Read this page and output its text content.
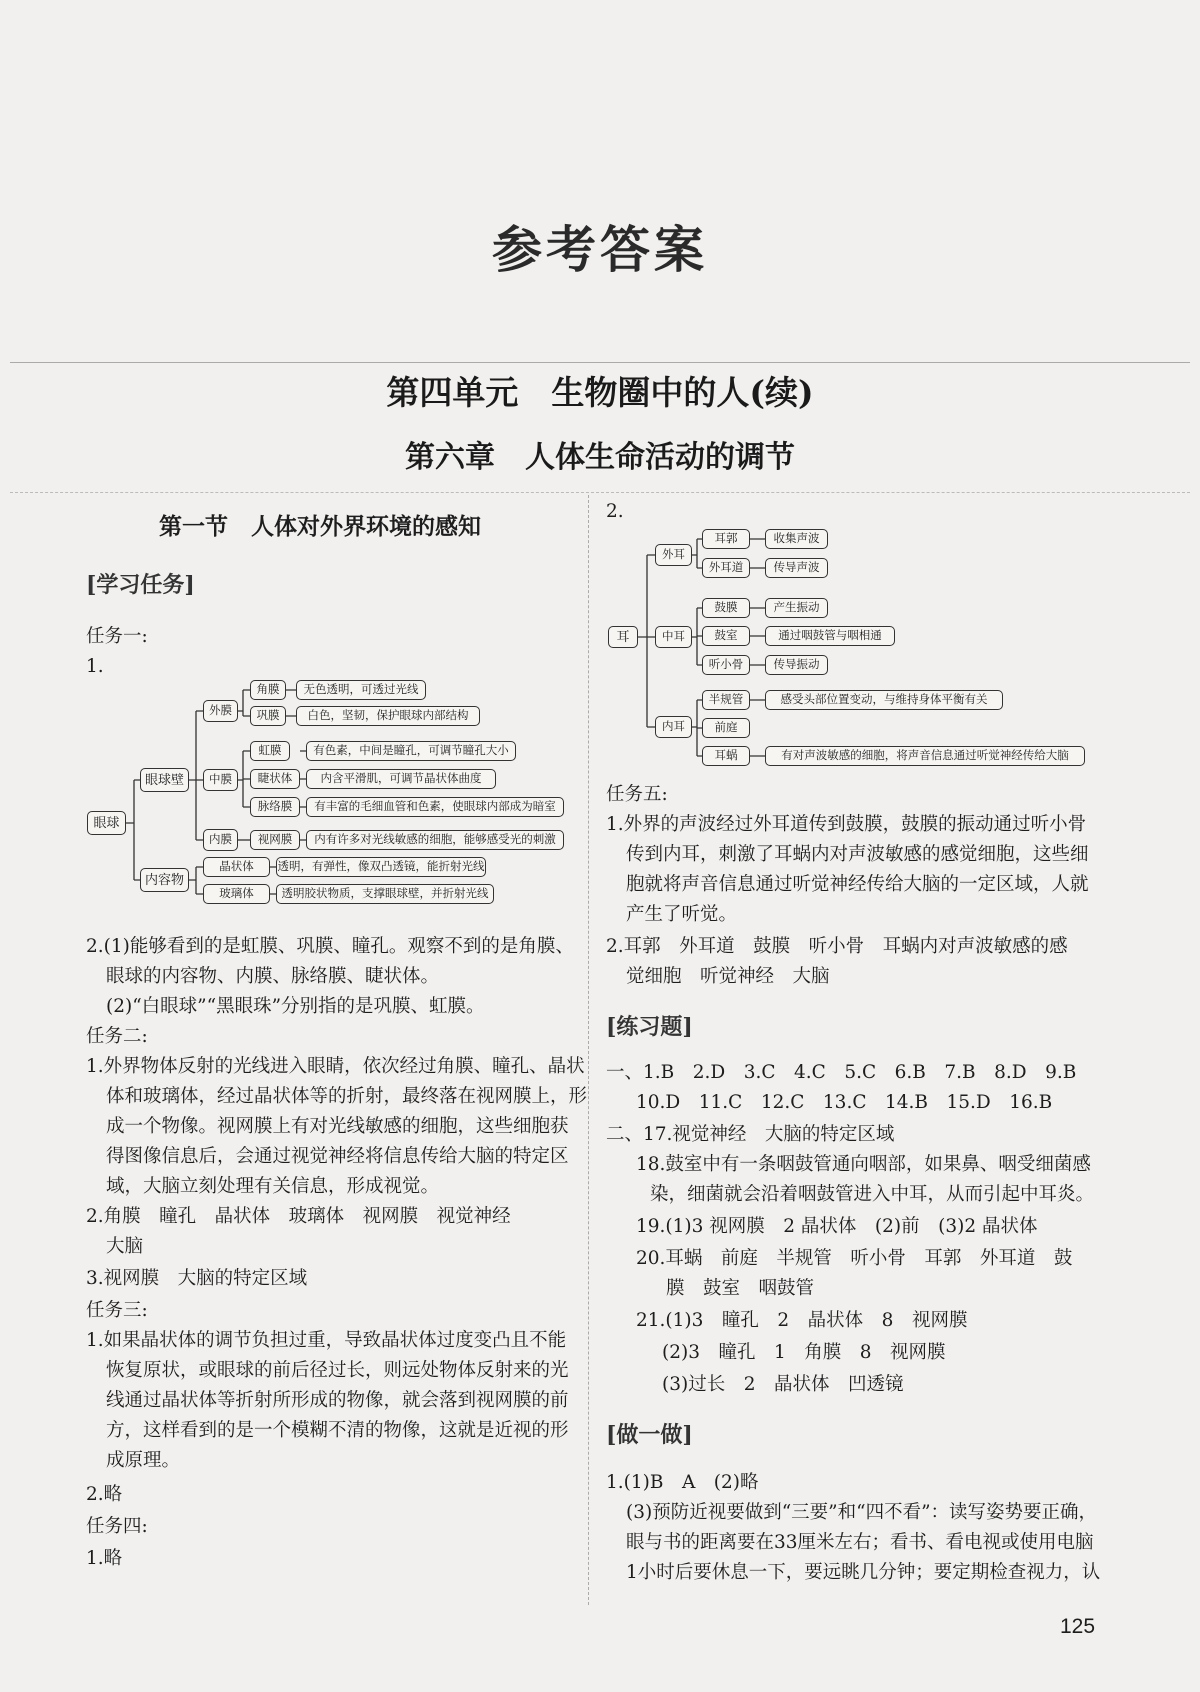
参考答案
第四单元　生物圈中的人(续)
第六章　人体生命活动的调节
第一节　人体对外界环境的感知
[学习任务]
任务一:
1.
眼球
眼球壁
内容物
外膜
中膜
内膜
角膜	无色透明，可透过光线
巩膜	白色，坚韧，保护眼球内部结构
虹膜	有色素，中间是瞳孔，可调节瞳孔大小
睫状体	内含平滑肌，可调节晶状体曲度
脉络膜	有丰富的毛细血管和色素，使眼球内部成为暗室
视网膜	内有许多对光线敏感的细胞，能够感受光的刺激
晶状体	透明，有弹性，像双凸透镜，能折射光线
玻璃体	透明胶状物质，支撑眼球壁，并折射光线
2.(1)能够看到的是虹膜、巩膜、瞳孔。观察不到的是角膜、
眼球的内容物、内膜、脉络膜、睫状体。
(2)“白眼球”“黑眼珠”分别指的是巩膜、虹膜。
任务二:
1.外界物体反射的光线进入眼睛，依次经过角膜、瞳孔、晶状
体和玻璃体，经过晶状体等的折射，最终落在视网膜上，形
成一个物像。视网膜上有对光线敏感的细胞，这些细胞获
得图像信息后，会通过视觉神经将信息传给大脑的特定区
域，大脑立刻处理有关信息，形成视觉。
2.角膜　瞳孔　晶状体　玻璃体　视网膜　视觉神经
大脑
3.视网膜　大脑的特定区域
任务三:
1.如果晶状体的调节负担过重，导致晶状体过度变凸且不能
恢复原状，或眼球的前后径过长，则远处物体反射来的光
线通过晶状体等折射所形成的物像，就会落到视网膜的前
方，这样看到的是一个模糊不清的物像，这就是近视的形
成原理。
2.略
任务四:
1.略
2.
耳
外耳
中耳
内耳
耳郭	收集声波
外耳道	传导声波
鼓膜	产生振动
鼓室	通过咽鼓管与咽相通
听小骨	传导振动
半规管	感受头部位置变动，与维持身体平衡有关
前庭
耳蜗	有对声波敏感的细胞，将声音信息通过听觉神经传给大脑
任务五:
1.外界的声波经过外耳道传到鼓膜，鼓膜的振动通过听小骨
传到内耳，刺激了耳蜗内对声波敏感的感觉细胞，这些细
胞就将声音信息通过听觉神经传给大脑的一定区域，人就
产生了听觉。
2.耳郭　外耳道　鼓膜　听小骨　耳蜗内对声波敏感的感
觉细胞　听觉神经　大脑
[练习题]
一、1.B　2.D　3.C　4.C　5.C　6.B　7.B　8.D　9.B
10.D　11.C　12.C　13.C　14.B　15.D　16.B
二、17.视觉神经　大脑的特定区域
18.鼓室中有一条咽鼓管通向咽部，如果鼻、咽受细菌感
染，细菌就会沿着咽鼓管进入中耳，从而引起中耳炎。
19.(1)3 视网膜　2 晶状体　(2)前　(3)2 晶状体
20.耳蜗　前庭　半规管　听小骨　耳郭　外耳道　鼓
膜　鼓室　咽鼓管
21.(1)3　瞳孔　2　晶状体　8　视网膜
(2)3　瞳孔　1　角膜　8　视网膜
(3)过长　2　晶状体　凹透镜
[做一做]
1.(1)B　A　(2)略
(3)预防近视要做到“三要”和“四不看”：读写姿势要正确，
眼与书的距离要在33厘米左右；看书、看电视或使用电脑
1小时后要休息一下，要远眺几分钟；要定期检查视力，认
125
